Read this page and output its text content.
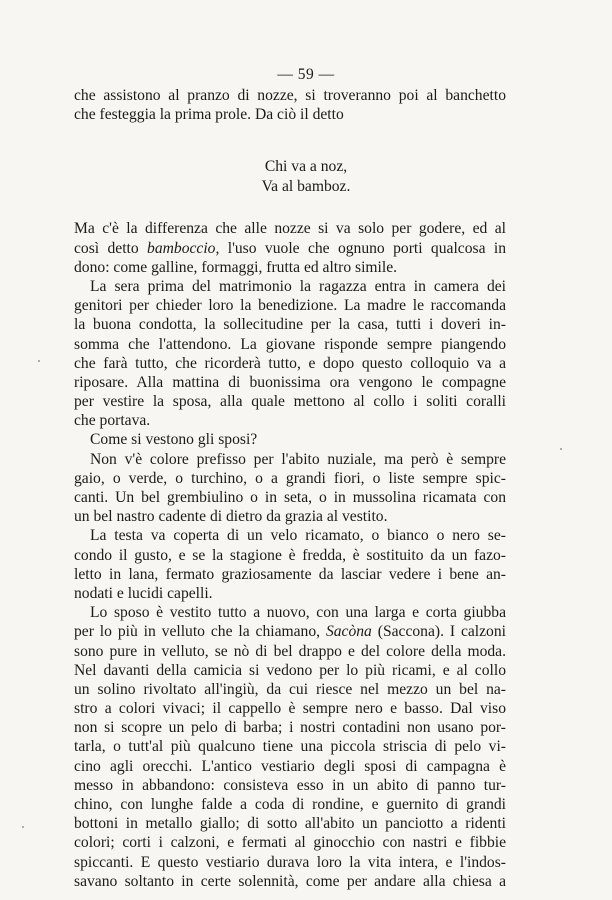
— 59 —
che assistono al pranzo di nozze, si troveranno poi al banchetto
che festeggia la prima prole. Da ciò il detto
Chi va a noz,
Va al bamboz.
Ma c'è la differenza che alle nozze si va solo per godere, ed al
così detto bamboccio, l'uso vuole che ognuno porti qualcosa in
dono: come galline, formaggi, frutta ed altro simile.
La sera prima del matrimonio la ragazza entra in camera dei
genitori per chieder loro la benedizione. La madre le raccomanda
la buona condotta, la sollecitudine per la casa, tutti i doveri in-
somma che l'attendono. La giovane risponde sempre piangendo
che farà tutto, che ricorderà tutto, e dopo questo colloquio va a
riposare. Alla mattina di buonissima ora vengono le compagne
per vestire la sposa, alla quale mettono al collo i soliti coralli
che portava.
Come si vestono gli sposi?
Non v'è colore prefisso per l'abito nuziale, ma però è sempre
gaio, o verde, o turchino, o a grandi fiori, o liste sempre spic-
canti. Un bel grembiulino o in seta, o in mussolina ricamata con
un bel nastro cadente di dietro da grazia al vestito.
La testa va coperta di un velo ricamato, o bianco o nero se-
condo il gusto, e se la stagione è fredda, è sostituito da un fazo-
letto in lana, fermato graziosamente da lasciar vedere i bene an-
nodati e lucidi capelli.
Lo sposo è vestito tutto a nuovo, con una larga e corta giubba
per lo più in velluto che la chiamano, Sacòna (Saccona). I calzoni
sono pure in velluto, se nò di bel drappo e del colore della moda.
Nel davanti della camicia si vedono per lo più ricami, e al collo
un solino rivoltato all'ingiù, da cui riesce nel mezzo un bel na-
stro a colori vivaci; il cappello è sempre nero e basso. Dal viso
non si scopre un pelo di barba; i nostri contadini non usano por-
tarla, o tutt'al più qualcuno tiene una piccola striscia di pelo vi-
cino agli orecchi. L'antico vestiario degli sposi di campagna è
messo in abbandono: consisteva esso in un abito di panno tur-
chino, con lunghe falde a coda di rondine, e guernito di grandi
bottoni in metallo giallo; di sotto all'abito un panciotto a ridenti
colori; corti i calzoni, e fermati al ginocchio con nastri e fibbie
spiccanti. E questo vestiario durava loro la vita intera, e l'indos-
savano soltanto in certe solennità, come per andare alla chiesa a
